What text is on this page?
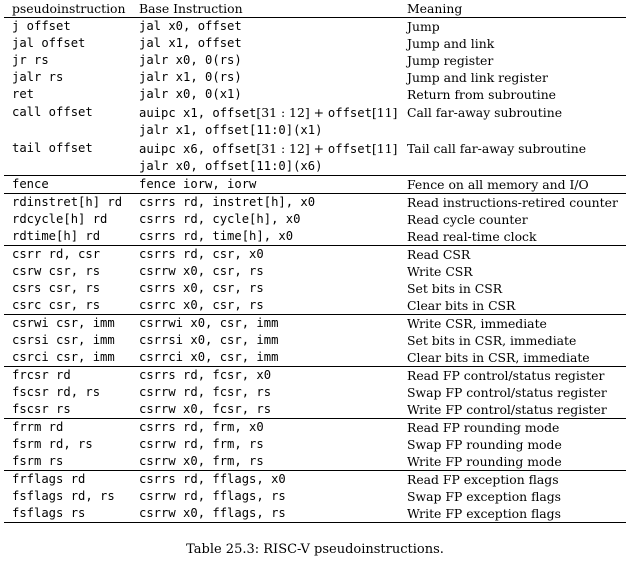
pseudoinstruction	Base Instruction	Meaning
j offset	jal x0, offset	Jump
jal offset	jal x1, offset	Jump and link
jr rs	jalr x0, 0(rs)	Jump register
jalr rs	jalr x1, 0(rs)	Jump and link register
ret	jalr x0, 0(x1)	Return from subroutine
call offset	auipc x1, offset[31 : 12] + offset[11]	Call far-away subroutine
	jalr x1, offset[11:0](x1)	
tail offset	auipc x6, offset[31 : 12] + offset[11]	Tail call far-away subroutine
	jalr x0, offset[11:0](x6)	
fence	fence iorw, iorw	Fence on all memory and I/O
rdinstret[h] rd	csrrs rd, instret[h], x0	Read instructions-retired counter
rdcycle[h] rd	csrrs rd, cycle[h], x0	Read cycle counter
rdtime[h] rd	csrrs rd, time[h], x0	Read real-time clock
csrr rd, csr	csrrs rd, csr, x0	Read CSR
csrw csr, rs	csrrw x0, csr, rs	Write CSR
csrs csr, rs	csrrs x0, csr, rs	Set bits in CSR
csrc csr, rs	csrrc x0, csr, rs	Clear bits in CSR
csrwi csr, imm	csrrwi x0, csr, imm	Write CSR, immediate
csrsi csr, imm	csrrsi x0, csr, imm	Set bits in CSR, immediate
csrci csr, imm	csrrci x0, csr, imm	Clear bits in CSR, immediate
frcsr rd	csrrs rd, fcsr, x0	Read FP control/status register
fscsr rd, rs	csrrw rd, fcsr, rs	Swap FP control/status register
fscsr rs	csrrw x0, fcsr, rs	Write FP control/status register
frrm rd	csrrs rd, frm, x0	Read FP rounding mode
fsrm rd, rs	csrrw rd, frm, rs	Swap FP rounding mode
fsrm rs	csrrw x0, frm, rs	Write FP rounding mode
frflags rd	csrrs rd, fflags, x0	Read FP exception flags
fsflags rd, rs	csrrw rd, fflags, rs	Swap FP exception flags
fsflags rs	csrrw x0, fflags, rs	Write FP exception flags
Table 25.3: RISC-V pseudoinstructions.
